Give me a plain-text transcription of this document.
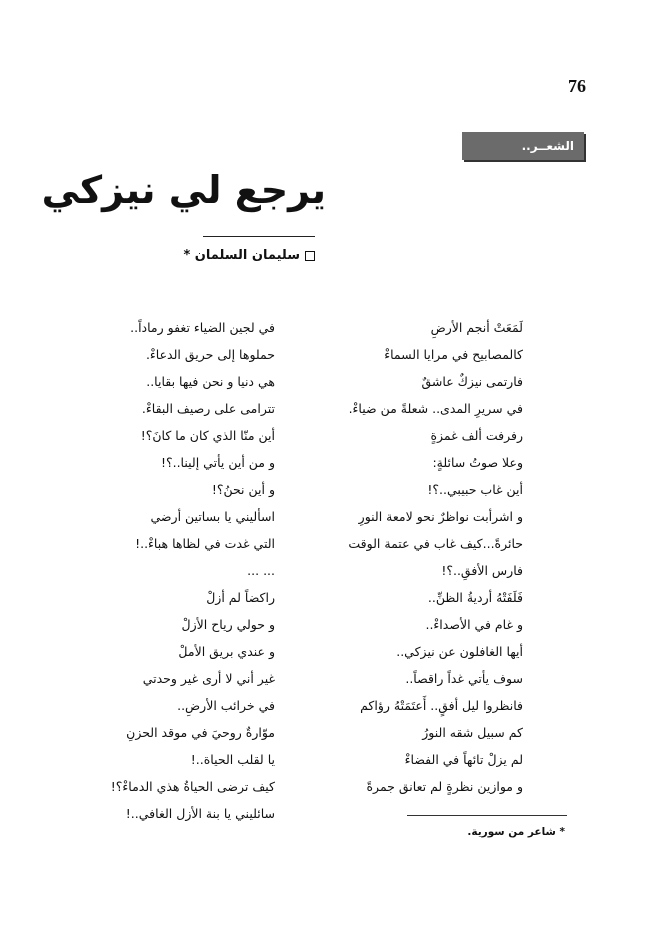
76
الشعــر..
يرجع لي نيزكي
سليمان السلمان *
لَمَعَتْ أنجم الأرضِ
كالمصابيح في مرايا السماءْ
فارتمى نيزكٌ عاشقٌ
في سريرِ المدى.. شعلةً من ضياءْ.
رفرفت ألف غمزةٍ
وعلا صوتُ سائلةٍ:
أين غاب حبيبي..؟!
و اشرأبت نواظرٌ نحو لامعة النورِ
حائرةً...كيف غاب في عتمة الوقت
فارس الأفقِ..؟!
فَلَفَتْهُ أرديةُ الظنِّ..
و غام في الأصداءْ..
أيها الغافلون عن نيزكي..
سوف يأتي غداً راقصاً..
فانظروا ليل أفقٍ.. أَعتَمَتْهُ رؤاكم
كم سبيل شقه النورُ
لم يزلْ تائهاً في الفضاءْ
و موازين نظرةٍ لم تعانق جمرةً
في لجين الضياء تغفو رماداً..
حملوها إلى حريق الدعاءْ.
هي دنيا و نحن فيها بقايا..
تترامى على رصيف البقاءْ.
أين منّا الذي كان ما كانَ؟!
و من أين يأتي إلينا..؟!
و أين نحنُ؟!
اسأليني يا بساتين أرضي
التي غدت في لظاها هباءْ..!
... ...
راكضاً لم أزلْ
و حولي رياح الأزلْ
و عندي بريق الأملْ
غير أني لا أرى غير وحدتي
في خرائب الأرضِ..
موّارةٌ روحيَ في موقد الحزنِ
يا لقلب الحياة..!
كيف ترضى الحياةُ هذي الدماءْ؟!
سائليني يا بنة الأزل الغافي..!
* شاعر من سورية.
